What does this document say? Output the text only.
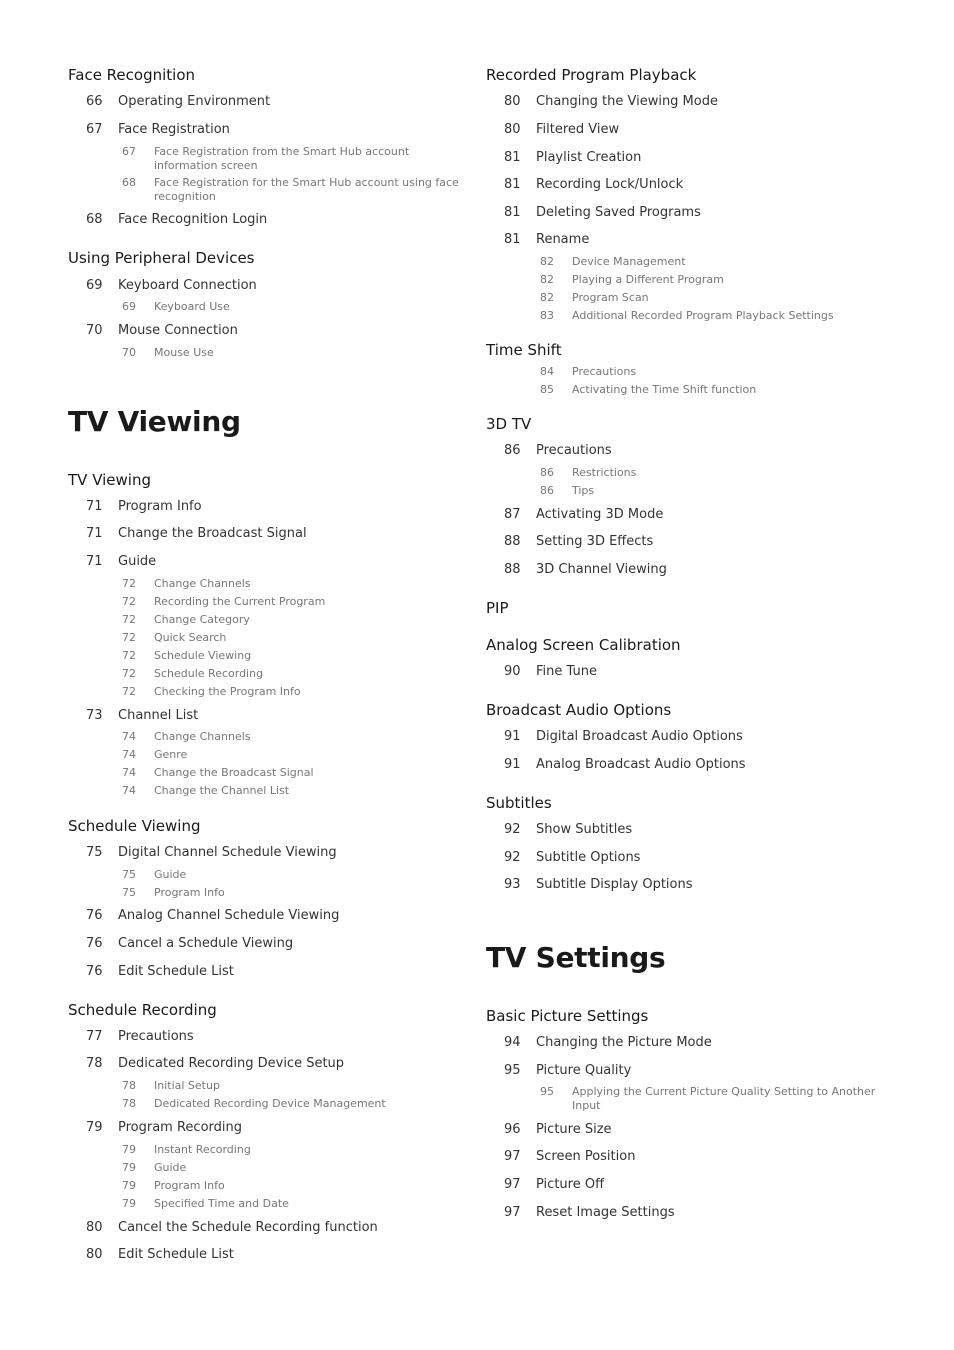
Face Recognition
66 Operating Environment
67 Face Registration
67 Face Registration from the Smart Hub account information screen
68 Face Registration for the Smart Hub account using face recognition
68 Face Recognition Login
Using Peripheral Devices
69 Keyboard Connection
69 Keyboard Use
70 Mouse Connection
70 Mouse Use
TV Viewing
TV Viewing
71 Program Info
71 Change the Broadcast Signal
71 Guide
72 Change Channels
72 Recording the Current Program
72 Change Category
72 Quick Search
72 Schedule Viewing
72 Schedule Recording
72 Checking the Program Info
73 Channel List
74 Change Channels
74 Genre
74 Change the Broadcast Signal
74 Change the Channel List
Schedule Viewing
75 Digital Channel Schedule Viewing
75 Guide
75 Program Info
76 Analog Channel Schedule Viewing
76 Cancel a Schedule Viewing
76 Edit Schedule List
Schedule Recording
77 Precautions
78 Dedicated Recording Device Setup
78 Initial Setup
78 Dedicated Recording Device Management
79 Program Recording
79 Instant Recording
79 Guide
79 Program Info
79 Specified Time and Date
80 Cancel the Schedule Recording function
80 Edit Schedule List
Recorded Program Playback
80 Changing the Viewing Mode
80 Filtered View
81 Playlist Creation
81 Recording Lock/Unlock
81 Deleting Saved Programs
81 Rename
82 Device Management
82 Playing a Different Program
82 Program Scan
83 Additional Recorded Program Playback Settings
Time Shift
84 Precautions
85 Activating the Time Shift function
3D TV
86 Precautions
86 Restrictions
86 Tips
87 Activating 3D Mode
88 Setting 3D Effects
88 3D Channel Viewing
PIP
Analog Screen Calibration
90 Fine Tune
Broadcast Audio Options
91 Digital Broadcast Audio Options
91 Analog Broadcast Audio Options
Subtitles
92 Show Subtitles
92 Subtitle Options
93 Subtitle Display Options
TV Settings
Basic Picture Settings
94 Changing the Picture Mode
95 Picture Quality
95 Applying the Current Picture Quality Setting to Another Input
96 Picture Size
97 Screen Position
97 Picture Off
97 Reset Image Settings
